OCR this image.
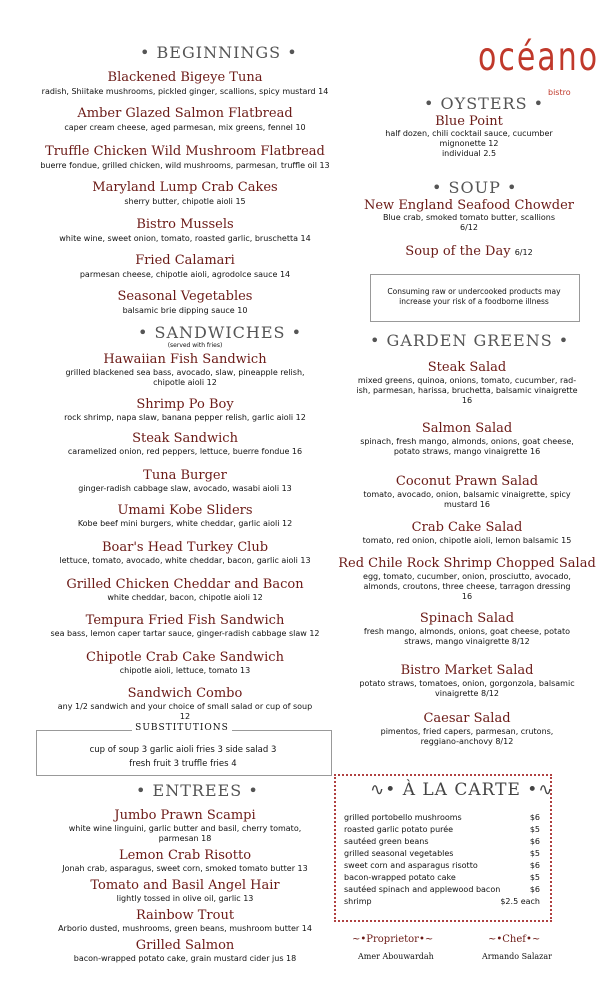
• BEGINNINGS •
Blackened Bigeye Tuna
radish, Shiitake mushrooms, pickled ginger, scallions, spicy mustard 14
Amber Glazed Salmon Flatbread
caper cream cheese, aged parmesan, mix greens, fennel 10
Truffle Chicken Wild Mushroom Flatbread
buerre fondue, grilled chicken, wild mushrooms, parmesan, truffle oil 13
Maryland Lump Crab Cakes
sherry butter, chipotle aioli 15
Bistro Mussels
white wine, sweet onion, tomato, roasted garlic, bruschetta 14
Fried Calamari
parmesan cheese, chipotle aioli, agrodolce sauce 14
Seasonal Vegetables
balsamic brie dipping sauce 10
• SANDWICHES •
(served with fries)
Hawaiian Fish Sandwich
grilled blackened sea bass, avocado, slaw, pineapple relish,
chipotle aioli 12
Shrimp Po Boy
rock shrimp, napa slaw, banana pepper relish, garlic aioli 12
Steak Sandwich
caramelized onion, red peppers, lettuce, buerre fondue 16
Tuna Burger
ginger-radish cabbage slaw, avocado, wasabi aioli 13
Umami Kobe Sliders
Kobe beef mini burgers, white cheddar, garlic aioli 12
Boar's Head Turkey Club
lettuce, tomato, avocado, white cheddar, bacon, garlic aioli 13
Grilled Chicken Cheddar and Bacon
white cheddar, bacon, chipotle aioli 12
Tempura Fried Fish Sandwich
sea bass, lemon caper tartar sauce, ginger-radish cabbage slaw 12
Chipotle Crab Cake Sandwich
chipotle aioli, lettuce, tomato 13
Sandwich Combo
any 1/2 sandwich and your choice of small salad or cup of soup
12
SUBSTITUTIONS
cup of soup 3 garlic aioli fries 3 side salad 3
fresh fruit 3 truffle fries 4
• ENTREES •
Jumbo Prawn Scampi
white wine linguini, garlic butter and basil, cherry tomato,
parmesan 18
Lemon Crab Risotto
Jonah crab, asparagus, sweet corn, smoked tomato butter 13
Tomato and Basil Angel Hair
lightly tossed in olive oil, garlic 13
Rainbow Trout
Arborio dusted, mushrooms, green beans, mushroom butter 14
Grilled Salmon
bacon-wrapped potato cake, grain mustard cider jus 18
océano
bistro
• OYSTERS •
Blue Point
half dozen, chili cocktail sauce, cucumber
mignonette 12
individual 2.5
• SOUP •
New England Seafood Chowder
Blue crab, smoked tomato butter, scallions
6/12
Soup of the Day 6/12
Consuming raw or undercooked products may
increase your risk of a foodborne illness
• GARDEN GREENS •
Steak Salad
mixed greens, quinoa, onions, tomato, cucumber, rad-
ish, parmesan, harissa, bruchetta, balsamic vinaigrette
16
Salmon Salad
spinach, fresh mango, almonds, onions, goat cheese,
potato straws, mango vinaigrette 16
Coconut Prawn Salad
tomato, avocado, onion, balsamic vinaigrette, spicy
mustard 16
Crab Cake Salad
tomato, red onion, chipotle aioli, lemon balsamic 15
Red Chile Rock Shrimp Chopped Salad
egg, tomato, cucumber, onion, prosciutto, avocado,
almonds, croutons, three cheese, tarragon dressing
16
Spinach Salad
fresh mango, almonds, onions, goat cheese, potato
straws, mango vinaigrette 8/12
Bistro Market Salad
potato straws, tomatoes, onion, gorgonzola, balsamic
vinaigrette 8/12
Caesar Salad
pimentos, fried capers, parmesan, crutons,
reggiano-anchovy 8/12
∿• À LA CARTE •∿
grilled portobello mushrooms	$6
roasted garlic potato purée	$5
sautéed green beans	$6
grilled seasonal vegetables	$5
sweet corn and asparagus risotto	$6
bacon-wrapped potato cake	$5
sautéed spinach and applewood bacon	$6
shrimp	$2.5 each
~•Proprietor•~
Amer Abouwardah
~•Chef•~
Armando Salazar
